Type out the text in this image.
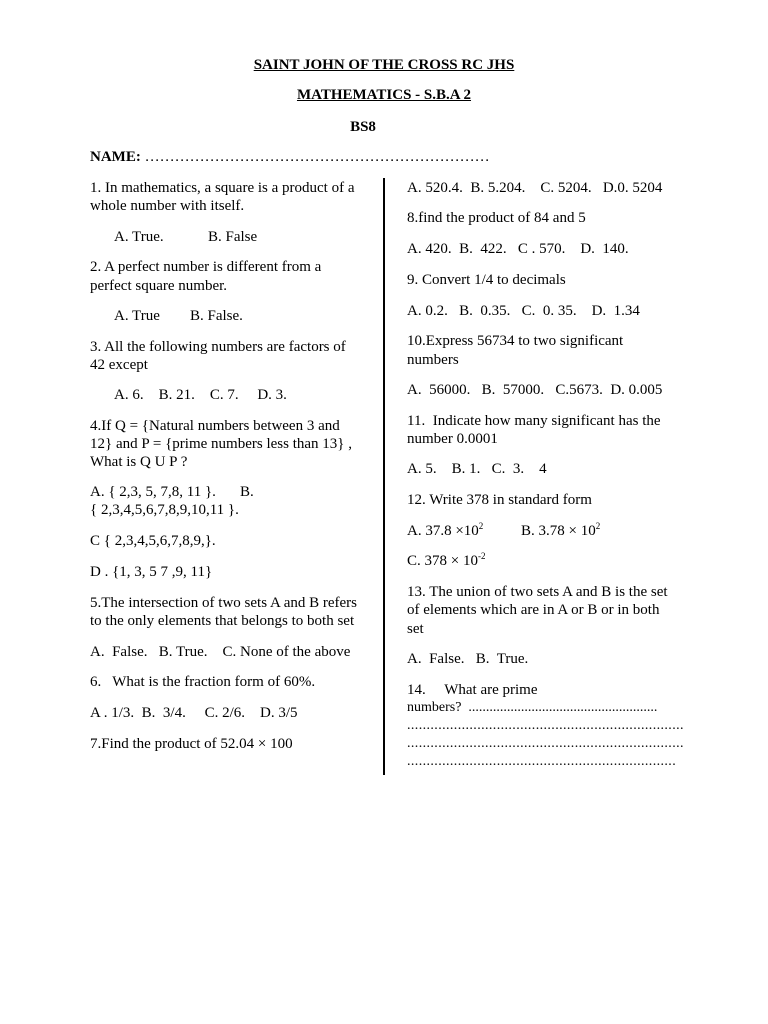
SAINT JOHN OF THE CROSS RC JHS
MATHEMATICS - S.B.A 2
BS8
NAME: ……………………………………………………………
1. In mathematics, a square is a product of a
whole number with itself.
A. True.	B. False
2. A perfect number is different from a
perfect square number.
A. True B. False.
3. All the following numbers are factors of
42 except
A. 6.    B. 21.    C. 7.     D. 3.
4.If Q = {Natural numbers between 3 and
12} and P = {prime numbers less than 13} ,
What is Q U P ?
A. { 2,3, 5, 7,8, 11 }. B.
{ 2,3,4,5,6,7,8,9,10,11 }.
C { 2,3,4,5,6,7,8,9,}.
D . {1, 3, 5 7 ,9, 11}
5.The intersection of two sets A and B refers
to the only elements that belongs to both set
A.  False.   B. True.    C. None of the above
6.   What is the fraction form of 60%.
A . 1/3.  B.  3/4.     C. 2/6.    D. 3/5
7.Find the product of 52.04 × 100
A. 520.4.  B. 5.204.    C. 5204.   D.0. 5204
8.find the product of 84 and 5
A. 420.  B.  422.   C . 570.    D.  140.
9. Convert 1/4 to decimals
A. 0.2.   B.  0.35.   C.  0. 35.    D.  1.34
10.Express 56734 to two significant
numbers
A.  56000.   B.  57000.   C.5673.  D. 0.005
11.  Indicate how many significant has the
number 0.0001
A. 5.    B. 1.   C.  3.    4
12. Write 378 in standard form
A. $37.8 \times 10^2$	B. $3.78 \times 10^2$
C. $378 \times 10^{-2}$
13. The union of two sets A and B is the set
of elements which are in A or B or in both
set
A.  False.   B.  True.
14.     What are prime
numbers?  ......................................................
.......................................................................
.......................................................................
.....................................................................
